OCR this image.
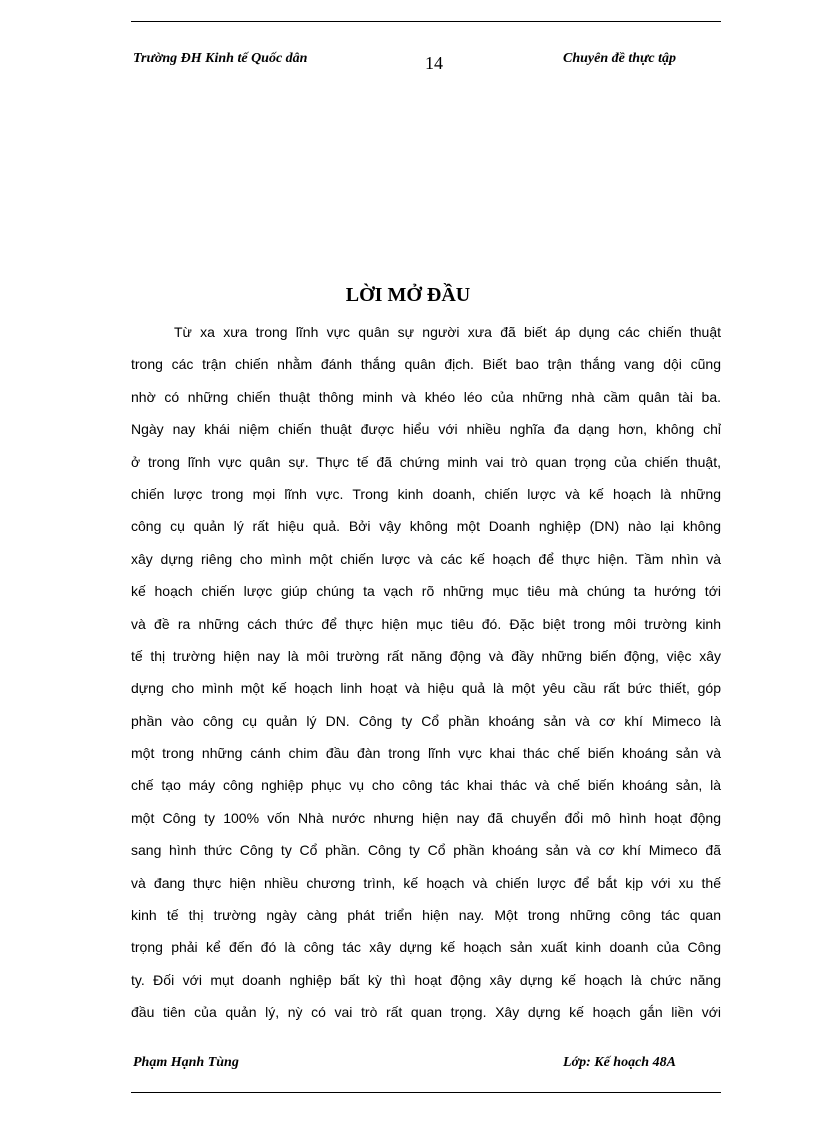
Trường ĐH Kinh tế Quốc dân	14	Chuyên đề thực tập
LỜI MỞ ĐẦU
Từ xa xưa trong lĩnh vực quân sự người xưa đã biết áp dụng các chiến thuật
trong các trận chiến nhằm đánh thắng quân địch. Biết bao trận thắng vang dội cũng
nhờ có những chiến thuật thông minh và khéo léo của những nhà cầm quân tài ba.
Ngày nay khái niệm chiến thuật được hiểu với nhiều nghĩa đa dạng hơn, không chỉ
ở trong lĩnh vực quân sự. Thực tế đã chứng minh vai trò quan trọng của chiến thuật,
chiến lược trong mọi lĩnh vực. Trong kinh doanh, chiến lược và kế hoạch là những
công cụ quản lý rất hiệu quả. Bởi vậy không một Doanh nghiệp (DN) nào lại không
xây dựng riêng cho mình một chiến lược và các kế hoạch để thực hiện. Tầm nhìn và
kế hoạch chiến lược giúp chúng ta vạch rõ những mục tiêu mà chúng ta hướng tới
và đề ra những cách thức để thực hiện mục tiêu đó. Đặc biệt trong môi trường kinh
tế thị trường hiện nay là môi trường rất năng động và đầy những biến động, việc xây
dựng cho mình một kế hoạch linh hoạt và hiệu quả là một yêu cầu rất bức thiết, góp
phần vào công cụ quản lý DN. Công ty Cổ phần khoáng sản và cơ khí Mimeco là
một trong những cánh chim đầu đàn trong lĩnh vực khai thác chế biến khoáng sản và
chế tạo máy công nghiệp phục vụ cho công tác khai thác và chế biến khoáng sản, là
một Công ty 100% vốn Nhà nước nhưng hiện nay đã chuyển đổi mô hình hoạt động
sang hình thức Công ty Cổ phần. Công ty Cổ phần khoáng sản và cơ khí Mimeco đã
và đang thực hiện nhiều chương trình, kế hoạch và chiến lược để bắt kịp với xu thế
kinh tế thị trường ngày càng phát triển hiện nay. Một trong những công tác quan
trọng phải kể đến đó là công tác xây dựng kế hoạch sản xuất kinh doanh của Công
ty. Đối với mụt doanh nghiệp bất kỳ thì hoạt động xây dựng kế hoạch là chức năng
đầu tiên của quản lý, nỳ có vai trò rất quan trọng. Xây dựng kế hoạch gắn liền với
Phạm Hạnh Tùng	Lớp: Kế hoạch 48A
